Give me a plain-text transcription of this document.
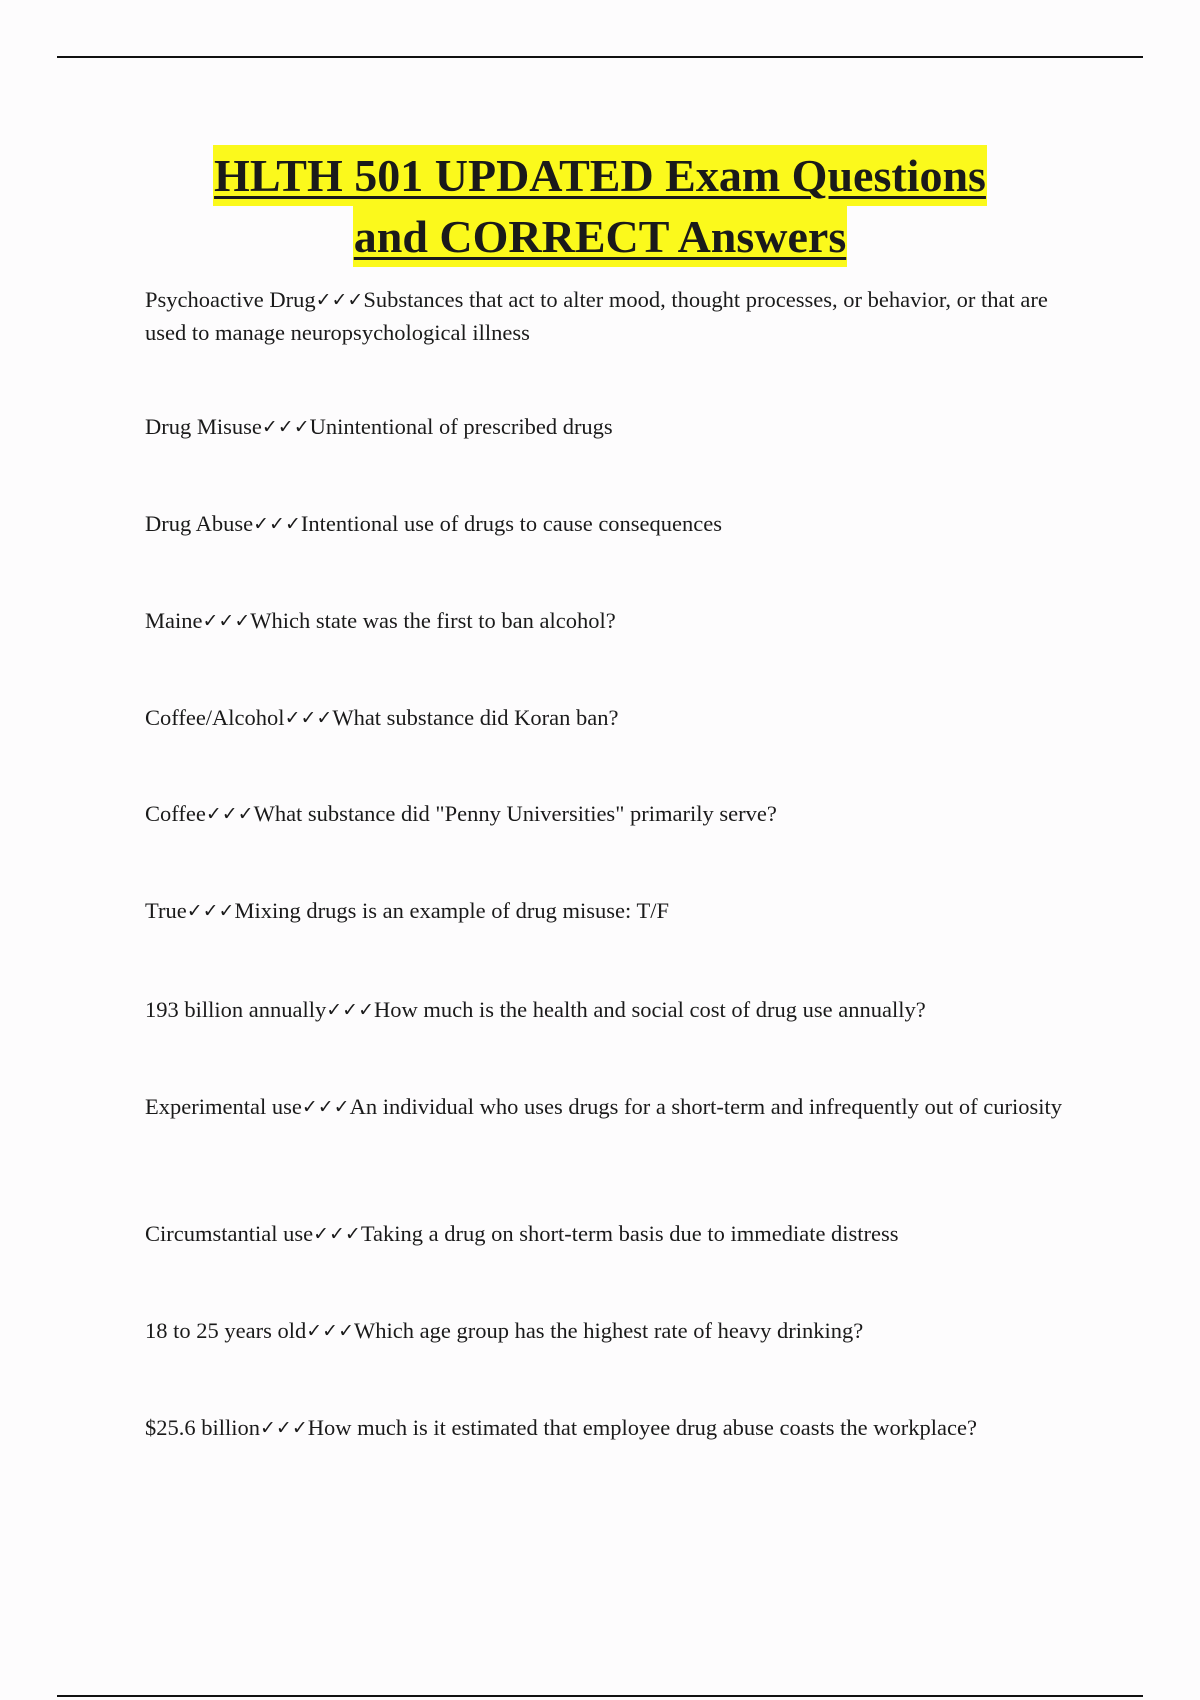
HLTH 501 UPDATED Exam Questions
and CORRECT Answers
Psychoactive Drug✓✓✓Substances that act to alter mood, thought processes, or behavior, or that are used to manage neuropsychological illness
Drug Misuse✓✓✓Unintentional of prescribed drugs
Drug Abuse✓✓✓Intentional use of drugs to cause consequences
Maine✓✓✓Which state was the first to ban alcohol?
Coffee/Alcohol✓✓✓What substance did Koran ban?
Coffee✓✓✓What substance did "Penny Universities" primarily serve?
True✓✓✓Mixing drugs is an example of drug misuse: T/F
193 billion annually✓✓✓How much is the health and social cost of drug use annually?
Experimental use✓✓✓An individual who uses drugs for a short-term and infrequently out of curiosity
Circumstantial use✓✓✓Taking a drug on short-term basis due to immediate distress
18 to 25 years old✓✓✓Which age group has the highest rate of heavy drinking?
$25.6 billion✓✓✓How much is it estimated that employee drug abuse coasts the workplace?
